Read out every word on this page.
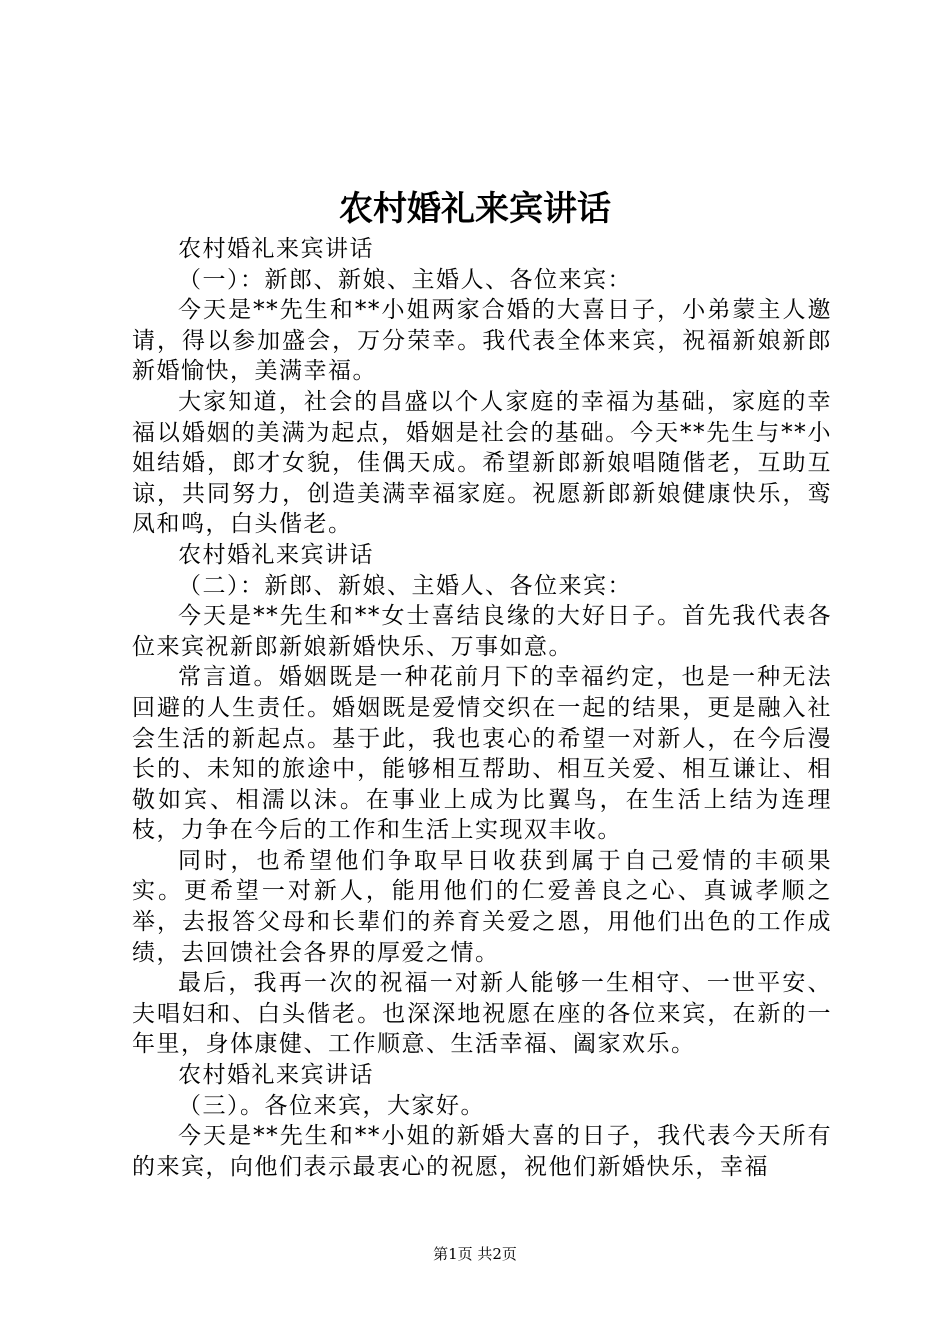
农村婚礼来宾讲话

农村婚礼来宾讲话

（一）：新郎、新娘、主婚人、各位来宾：

今天是**先生和**小姐两家合婚的大喜日子，小弟蒙主人邀请，得以参加盛会，万分荣幸。我代表全体来宾，祝福新娘新郎新婚愉快，美满幸福。

大家知道，社会的昌盛以个人家庭的幸福为基础，家庭的幸福以婚姻的美满为起点，婚姻是社会的基础。今天**先生与**小姐结婚，郎才女貌，佳偶天成。希望新郎新娘唱随偕老，互助互谅，共同努力，创造美满幸福家庭。祝愿新郎新娘健康快乐，鸾凤和鸣，白头偕老。

农村婚礼来宾讲话

（二）：新郎、新娘、主婚人、各位来宾：

今天是**先生和**女士喜结良缘的大好日子。首先我代表各位来宾祝新郎新娘新婚快乐、万事如意。

常言道。婚姻既是一种花前月下的幸福约定，也是一种无法回避的人生责任。婚姻既是爱情交织在一起的结果，更是融入社会生活的新起点。基于此，我也衷心的希望一对新人，在今后漫长的、未知的旅途中，能够相互帮助、相互关爱、相互谦让、相敬如宾、相濡以沫。在事业上成为比翼鸟，在生活上结为连理枝，力争在今后的工作和生活上实现双丰收。

同时，也希望他们争取早日收获到属于自己爱情的丰硕果实。更希望一对新人，能用他们的仁爱善良之心、真诚孝顺之举，去报答父母和长辈们的养育关爱之恩，用他们出色的工作成绩，去回馈社会各界的厚爱之情。

最后，我再一次的祝福一对新人能够一生相守、一世平安、夫唱妇和、白头偕老。也深深地祝愿在座的各位来宾，在新的一年里，身体康健、工作顺意、生活幸福、阖家欢乐。

农村婚礼来宾讲话

（三）。各位来宾，大家好。

今天是**先生和**小姐的新婚大喜的日子，我代表今天所有的来宾，向他们表示最衷心的祝愿，祝他们新婚快乐，幸福

第1页 共2页
